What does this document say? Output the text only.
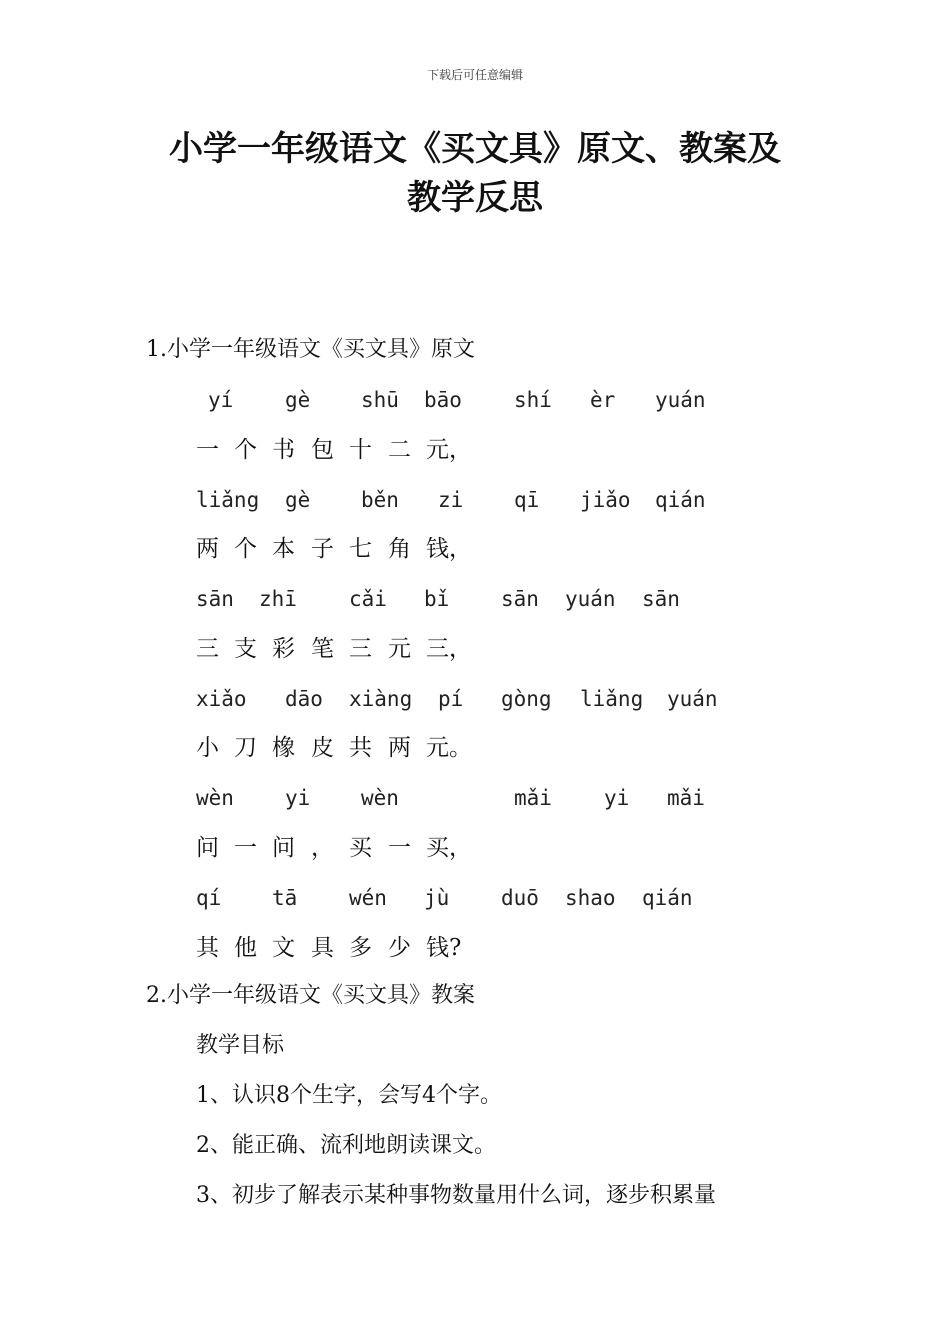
下载后可任意编辑
小学一年级语文《买文具》原文、教案及
教学反思
1.小学一年级语文《买文具》原文
yí gè shū bāo shí èr yuán
一 个 书 包 十 二 元，
liǎng gè běn zi qī jiǎo qián
两 个 本 子 七 角 钱，
sān zhī cǎi bǐ sān yuán sān
三 支 彩 笔 三 元 三，
xiǎo dāo xiàng pí gòng liǎng yuán
小 刀 橡 皮 共 两 元。
wèn yi wèn	mǎi yi mǎi
问 一 问 ， 买 一 买，
qí tā wén jù duō shao qián
其 他 文 具 多 少 钱?
2.小学一年级语文《买文具》教案
教学目标
1、认识8个生字，会写4个字。
2、能正确、流利地朗读课文。
3、初步了解表示某种事物数量用什么词，逐步积累量
